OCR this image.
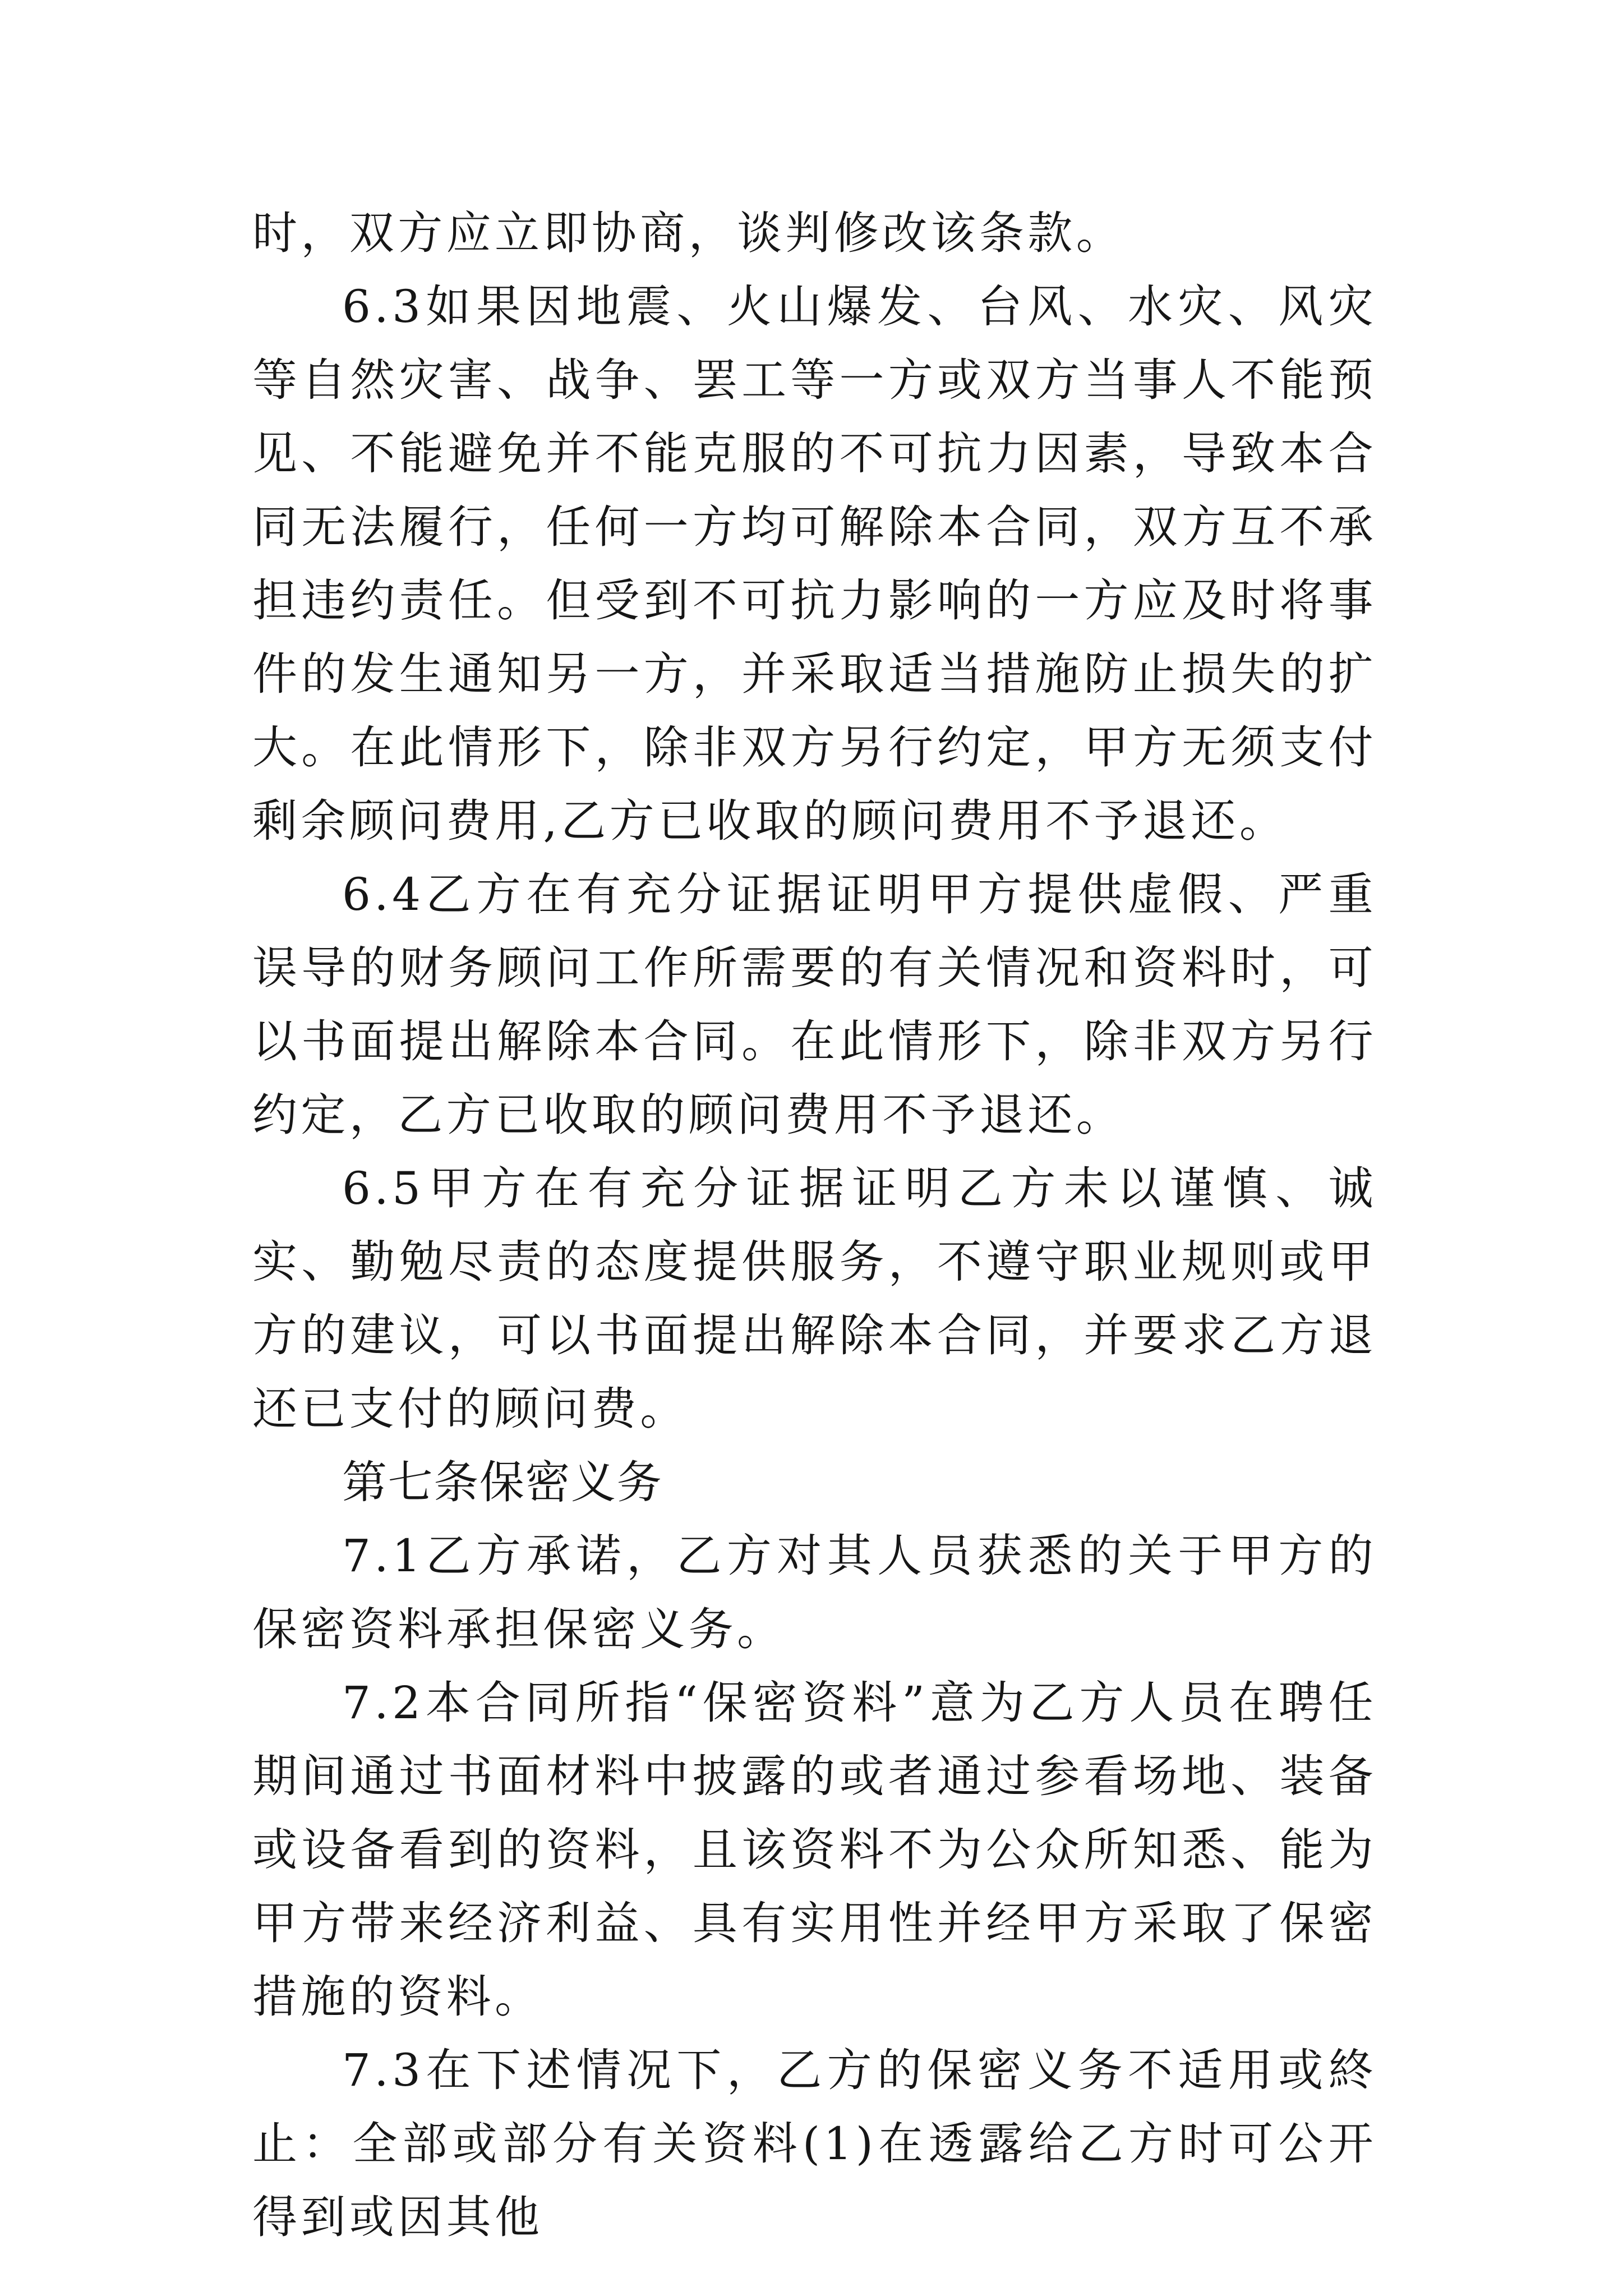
时，双方应立即协商，谈判修改该条款。

6.3如果因地震、火山爆发、台风、水灾、风灾等自然灾害、战争、罢工等一方或双方当事人不能预见、不能避免并不能克服的不可抗力因素，导致本合同无法履行，任何一方均可解除本合同，双方互不承担违约责任。但受到不可抗力影响的一方应及时将事件的发生通知另一方，并采取适当措施防止损失的扩大。在此情形下，除非双方另行约定，甲方无须支付剩余顾问费用,乙方已收取的顾问费用不予退还。

6.4乙方在有充分证据证明甲方提供虚假、严重误导的财务顾问工作所需要的有关情况和资料时，可以书面提出解除本合同。在此情形下，除非双方另行约定，乙方已收取的顾问费用不予退还。

6.5甲方在有充分证据证明乙方未以谨慎、诚实、勤勉尽责的态度提供服务，不遵守职业规则或甲方的建议，可以书面提出解除本合同，并要求乙方退还已支付的顾问费。

第七条保密义务

7.1乙方承诺，乙方对其人员获悉的关于甲方的保密资料承担保密义务。

7.2本合同所指“保密资料”意为乙方人员在聘任期间通过书面材料中披露的或者通过参看场地、装备或设备看到的资料，且该资料不为公众所知悉、能为甲方带来经济利益、具有实用性并经甲方采取了保密措施的资料。

7.3在下述情况下，乙方的保密义务不适用或終止：全部或部分有关资料(1)在透露给乙方时可公开得到或因其他
